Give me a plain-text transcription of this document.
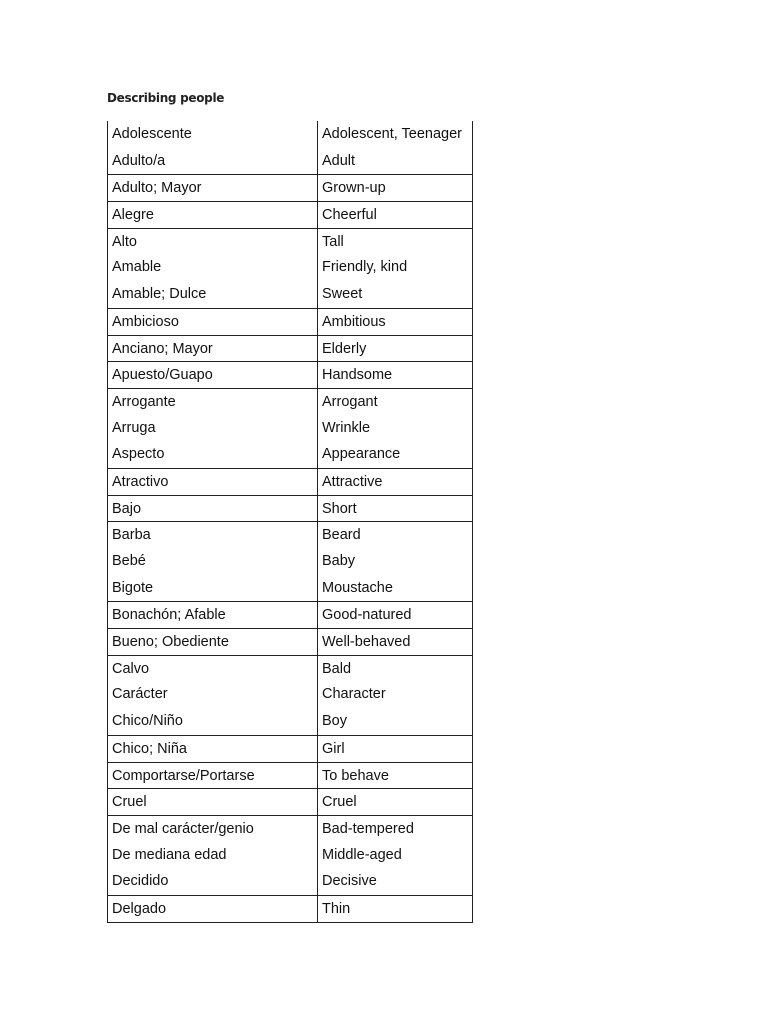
Describing people
Adolescente	Adolescent, Teenager
Adulto/a	Adult
Adulto; Mayor	Grown-up
Alegre	Cheerful
Alto	Tall
Amable	Friendly, kind
Amable; Dulce	Sweet
Ambicioso	Ambitious
Anciano; Mayor	Elderly
Apuesto/Guapo	Handsome
Arrogante	Arrogant
Arruga	Wrinkle
Aspecto	Appearance
Atractivo	Attractive
Bajo	Short
Barba	Beard
Bebé	Baby
Bigote	Moustache
Bonachón; Afable	Good-natured
Bueno; Obediente	Well-behaved
Calvo	Bald
Carácter	Character
Chico/Niño	Boy
Chico; Niña	Girl
Comportarse/Portarse	To behave
Cruel	Cruel
De mal carácter/genio	Bad-tempered
De mediana edad	Middle-aged
Decidido	Decisive
Delgado	Thin
